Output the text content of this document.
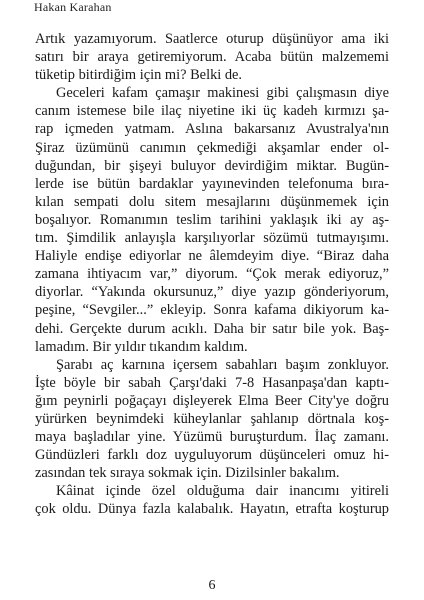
Hakan Karahan
Artık yazamıyorum. Saatlerce oturup düşünüyor ama iki
satırı bir araya getiremiyorum. Acaba bütün malzememi
tüketip bitirdiğim için mi? Belki de.
Geceleri kafam çamaşır makinesi gibi çalışmasın diye
canım istemese bile ilaç niyetine iki üç kadeh kırmızı şa-
rap içmeden yatmam. Aslına bakarsanız Avustralya'nın
Şiraz üzümünü canımın çekmediği akşamlar ender ol-
duğundan, bir şişeyi buluyor devirdiğim miktar. Bugün-
lerde ise bütün bardaklar yayınevinden telefonuma bıra-
kılan sempati dolu sitem mesajlarını düşünmemek için
boşalıyor. Romanımın teslim tarihini yaklaşık iki ay aş-
tım. Şimdilik anlayışla karşılıyorlar sözümü tutmayışımı.
Haliyle endişe ediyorlar ne âlemdeyim diye. “Biraz daha
zamana ihtiyacım var,” diyorum. “Çok merak ediyoruz,”
diyorlar. “Yakında okursunuz,” diye yazıp gönderiyorum,
peşine, “Sevgiler...” ekleyip. Sonra kafama dikiyorum ka-
dehi. Gerçekte durum acıklı. Daha bir satır bile yok. Baş-
lamadım. Bir yıldır tıkandım kaldım.
Şarabı aç karnına içersem sabahları başım zonkluyor.
İşte böyle bir sabah Çarşı'daki 7-8 Hasanpaşa'dan kaptı-
ğım peynirli poğaçayı dişleyerek Elma Beer City'ye doğru
yürürken beynimdeki küheylanlar şahlanıp dörtnala koş-
maya başladılar yine. Yüzümü buruşturdum. İlaç zamanı.
Gündüzleri farklı doz uyguluyorum düşünceleri omuz hi-
zasından tek sıraya sokmak için. Dizilsinler bakalım.
Kâinat içinde özel olduğuma dair inancımı yitireli
çok oldu. Dünya fazla kalabalık. Hayatın, etrafta koşturup
6
